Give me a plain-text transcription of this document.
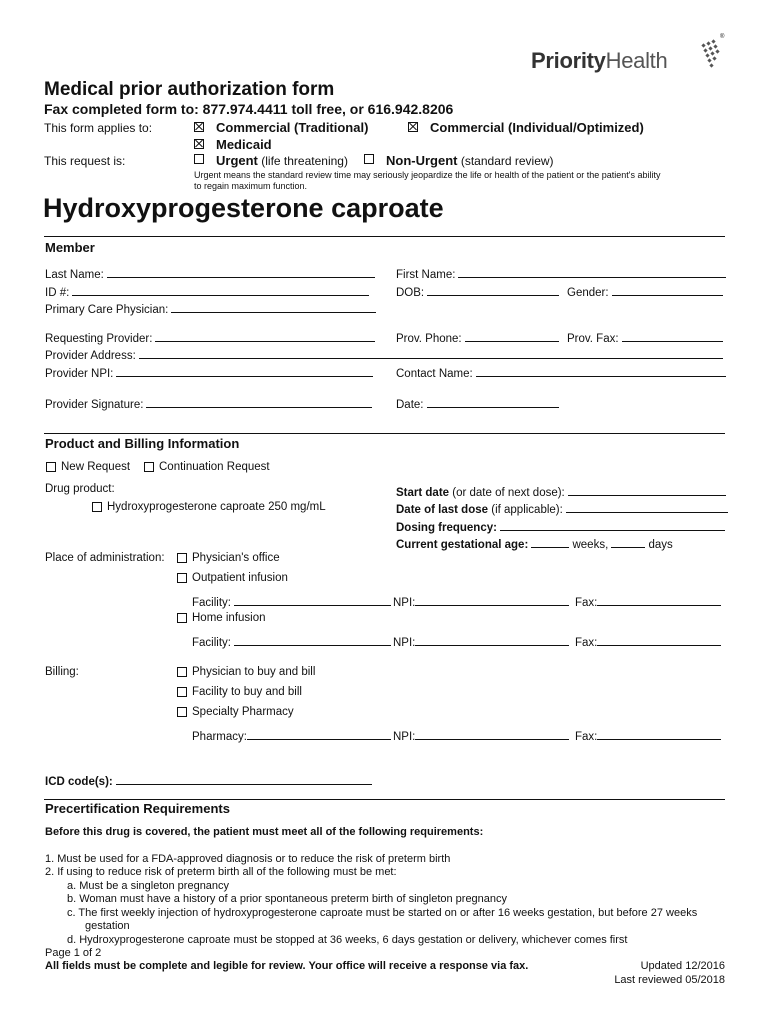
PriorityHealth
®
Medical prior authorization form
Fax completed form to: 877.974.4411 toll free, or 616.942.8206
This form applies to:	Commercial (Traditional)	Commercial (Individual/Optimized)
Medicaid
This request is:	Urgent (life threatening)	Non-Urgent (standard review)
Urgent means the standard review time may seriously jeopardize the life or health of the patient or the patient's ability
to regain maximum function.
Hydroxyprogesterone caproate
Member
Last Name:	First Name:
ID #:	DOB:	Gender:
Primary Care Physician:
Requesting Provider:	Prov. Phone:	Prov. Fax:
Provider Address:
Provider NPI:	Contact Name:
Provider Signature:	Date:
Product and Billing Information
New Request	Continuation Request
Drug product:
Hydroxyprogesterone caproate 250 mg/mL
Start date (or date of next dose):
Date of last dose (if applicable):
Dosing frequency:
Current gestational age:	weeks,	days
Place of administration: Physician's office
Outpatient infusion
Facility:	NPI:	Fax:
Home infusion
Facility:	NPI:	Fax:
Billing:	Physician to buy and bill
Facility to buy and bill
Specialty Pharmacy
Pharmacy:	NPI:	Fax:
ICD code(s):
Precertification Requirements
Before this drug is covered, the patient must meet all of the following requirements:
1. Must be used for a FDA-approved diagnosis or to reduce the risk of preterm birth
2. If using to reduce risk of preterm birth all of the following must be met:
a. Must be a singleton pregnancy
b. Woman must have a history of a prior spontaneous preterm birth of singleton pregnancy
c. The first weekly injection of hydroxyprogesterone caproate must be started on or after 16 weeks gestation, but before 27 weeks
gestation
d. Hydroxyprogesterone caproate must be stopped at 36 weeks, 6 days gestation or delivery, whichever comes first
Page 1 of 2
All fields must be complete and legible for review. Your office will receive a response via fax.	Updated 12/2016
Last reviewed 05/2018
